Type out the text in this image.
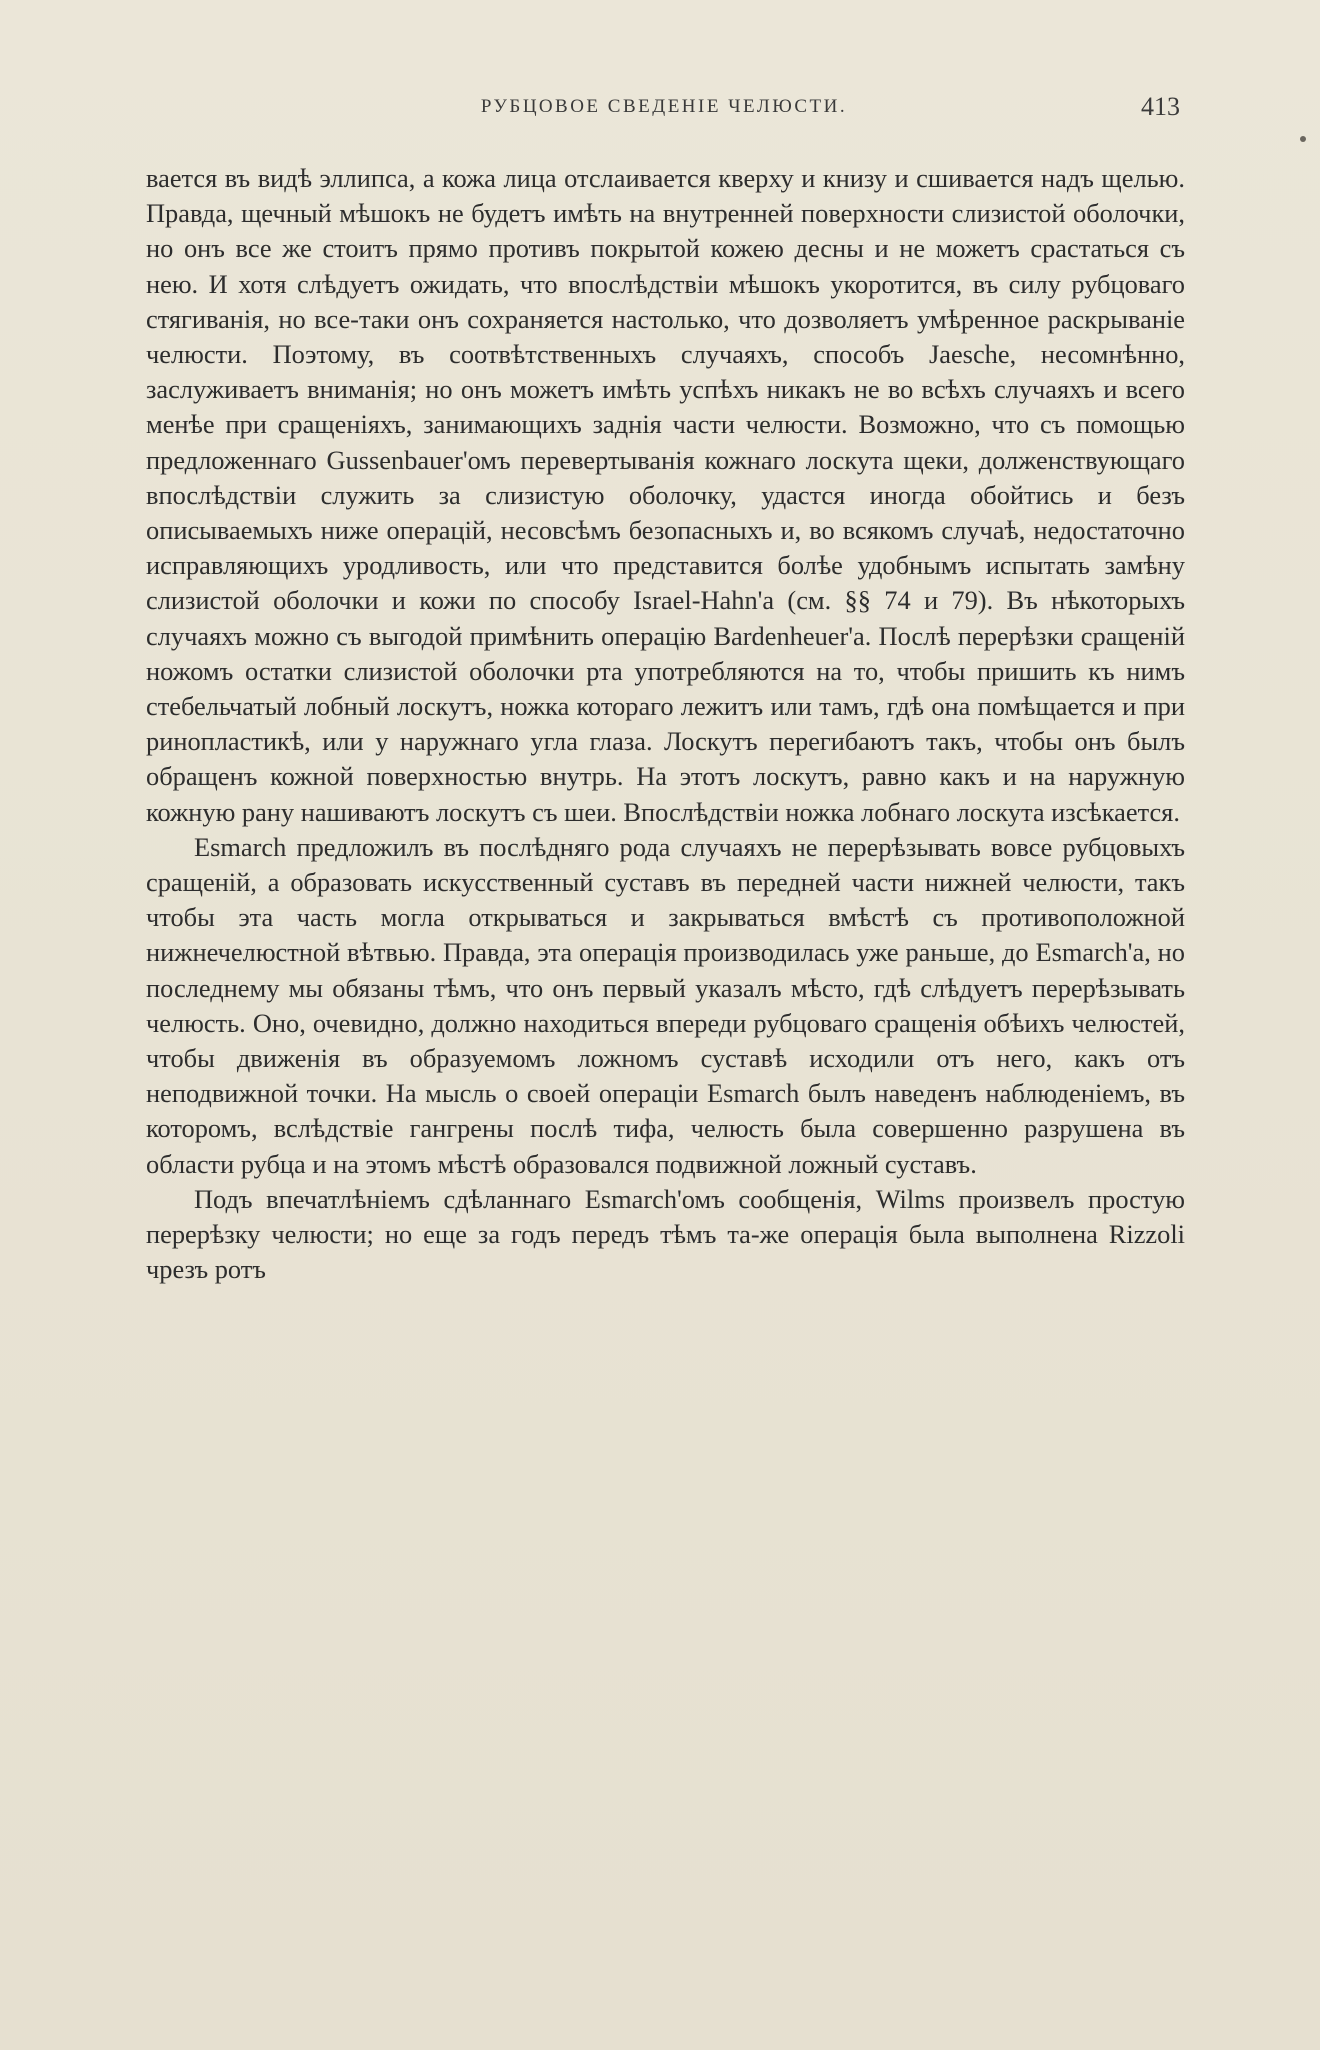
РУБЦОВОЕ СВЕДЕНІЕ ЧЕЛЮСТИ.	413

вается въ видѣ эллипса, а кожа лица отслаивается кверху и книзу и сшивается надъ щелью. Правда, щечный мѣшокъ не будетъ имѣть на внутренней поверхности слизистой оболочки, но онъ все же стоитъ прямо противъ покрытой кожею десны и не можетъ срастаться съ нею. И хотя слѣдуетъ ожидать, что впослѣдствіи мѣшокъ укоротится, въ силу рубцоваго стягиванія, но все-таки онъ сохраняется настолько, что дозволяетъ умѣренное раскрываніе челюсти. Поэтому, въ соотвѣтственныхъ случаяхъ, способъ Jaesche, несомнѣнно, заслуживаетъ вниманія; но онъ можетъ имѣть успѣхъ никакъ не во всѣхъ случаяхъ и всего менѣе при сращеніяхъ, занимающихъ заднія части челюсти. Возможно, что съ помощью предложеннаго Gussenbauer'омъ перевертыванія кожнаго лоскута щеки, долженствующаго впослѣдствіи служить за слизистую оболочку, удастся иногда обойтись и безъ описываемыхъ ниже операцій, несовсѣмъ безопасныхъ и, во всякомъ случаѣ, недостаточно исправляющихъ уродливость, или что представится болѣе удобнымъ испытать замѣну слизистой оболочки и кожи по способу Israel-Hahn'а (см. §§ 74 и 79). Въ нѣкоторыхъ случаяхъ можно съ выгодой примѣнить операцію Bardenheuer'а. Послѣ перерѣзки сращеній ножомъ остатки слизистой оболочки рта употребляются на то, чтобы пришить къ нимъ стебельчатый лобный лоскутъ, ножка котораго лежитъ или тамъ, гдѣ она помѣщается и при ринопластикѣ, или у наружнаго угла глаза. Лоскутъ перегибаютъ такъ, чтобы онъ былъ обращенъ кожной поверхностью внутрь. На этотъ лоскутъ, равно какъ и на наружную кожную рану нашиваютъ лоскутъ съ шеи. Впослѣдствіи ножка лобнаго лоскута изсѣкается.

Esmarch предложилъ въ послѣдняго рода случаяхъ не перерѣзывать вовсе рубцовыхъ сращеній, а образовать искусственный суставъ въ передней части нижней челюсти, такъ чтобы эта часть могла открываться и закрываться вмѣстѣ съ противоположной нижнечелюстной вѣтвью. Правда, эта операція производилась уже раньше, до Esmarch'а, но последнему мы обязаны тѣмъ, что онъ первый указалъ мѣсто, гдѣ слѣдуетъ перерѣзывать челюсть. Оно, очевидно, должно находиться впереди рубцоваго сращенія обѣихъ челюстей, чтобы движенія въ образуемомъ ложномъ суставѣ исходили отъ него, какъ отъ неподвижной точки. На мысль о своей операціи Esmarch былъ наведенъ наблюденіемъ, въ которомъ, вслѣдствіе гангрены послѣ тифа, челюсть была совершенно разрушена въ области рубца и на этомъ мѣстѣ образовался подвижной ложный суставъ.

Подъ впечатлѣніемъ сдѣланнаго Esmarch'омъ сообщенія, Wilms произвелъ простую перерѣзку челюсти; но еще за годъ передъ тѣмъ та-же операція была выполнена Rizzoli чрезъ ротъ
